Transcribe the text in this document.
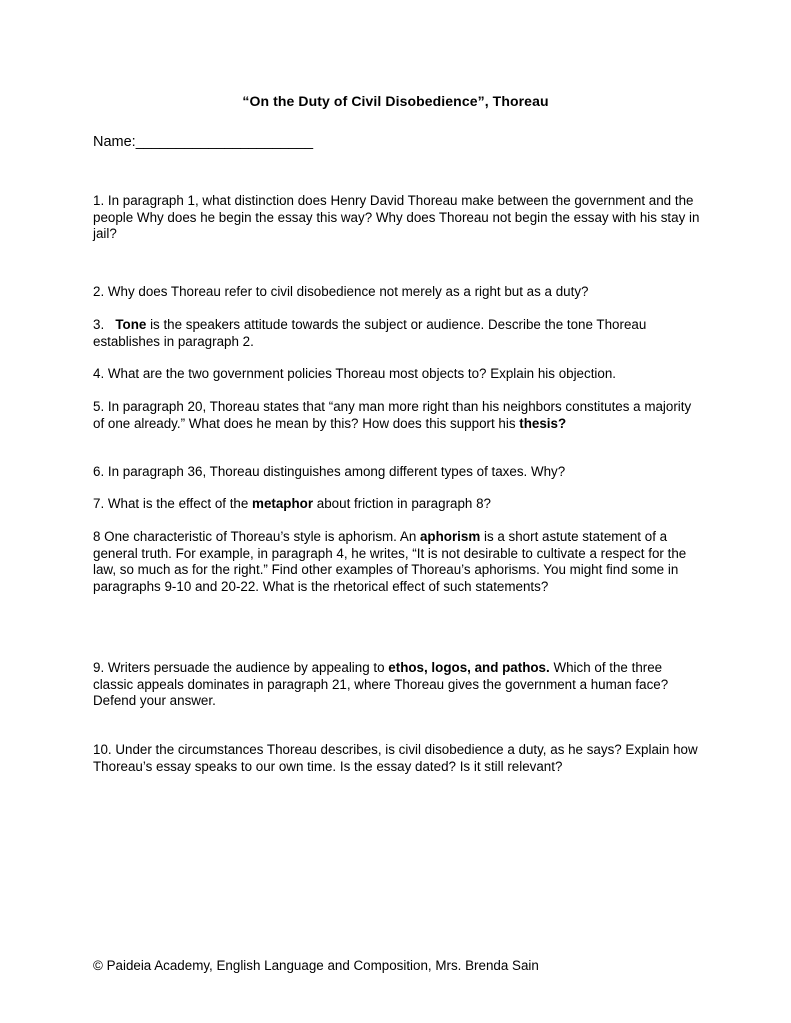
“On the Duty of Civil Disobedience”, Thoreau
Name:______________________

1. In paragraph 1, what distinction does Henry David Thoreau make between the government and the people Why does he begin the essay this way? Why does Thoreau not begin the essay with his stay in jail?

2. Why does Thoreau refer to civil disobedience not merely as a right but as a duty?

3.   Tone is the speakers attitude towards the subject or audience. Describe the tone Thoreau establishes in paragraph 2.

4. What are the two government policies Thoreau most objects to? Explain his objection.

5. In paragraph 20, Thoreau states that “any man more right than his neighbors constitutes a majority of one already.” What does he mean by this? How does this support his thesis?

6. In paragraph 36, Thoreau distinguishes among different types of taxes. Why?

7. What is the effect of the metaphor about friction in paragraph 8?

8 One characteristic of Thoreau’s style is aphorism. An aphorism is a short astute statement of a general truth. For example, in paragraph 4, he writes, “It is not desirable to cultivate a respect for the law, so much as for the right.” Find other examples of Thoreau’s aphorisms. You might find some in paragraphs 9-10 and 20-22. What is the rhetorical effect of such statements?

9. Writers persuade the audience by appealing to ethos, logos, and pathos. Which of the three classic appeals dominates in paragraph 21, where Thoreau gives the government a human face? Defend your answer.

10. Under the circumstances Thoreau describes, is civil disobedience a duty, as he says? Explain how Thoreau’s essay speaks to our own time. Is the essay dated? Is it still relevant?

© Paideia Academy, English Language and Composition, Mrs. Brenda Sain
